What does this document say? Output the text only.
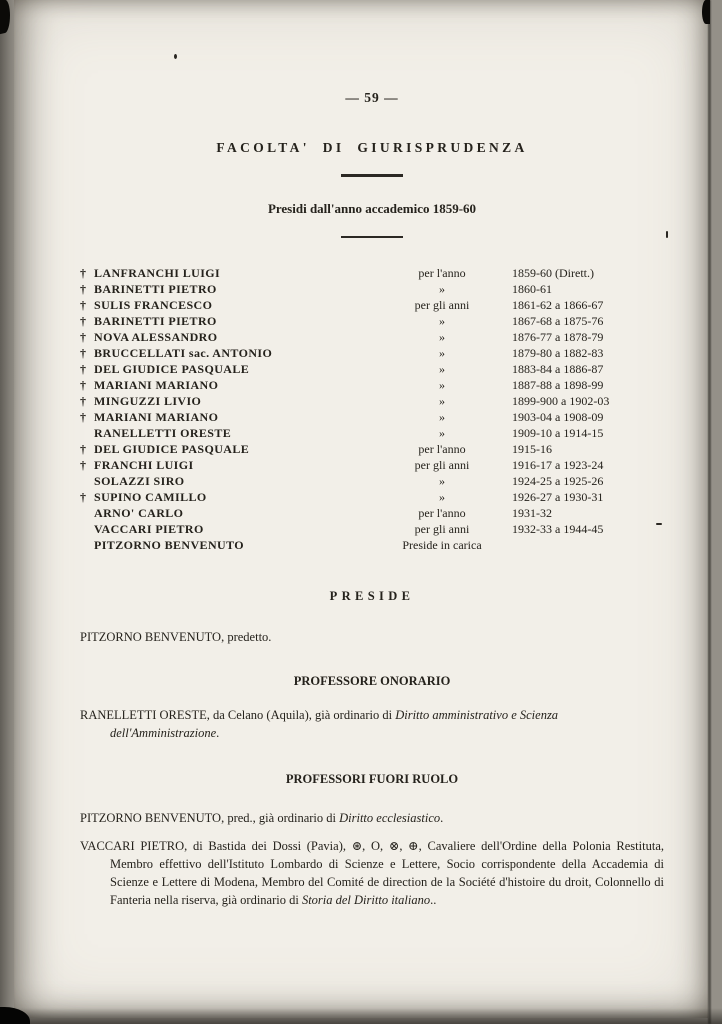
— 59 —
FACOLTA' DI GIURISPRUDENZA
Presidi dall'anno accademico 1859-60
† LANFRANCHI LUIGI	per l'anno	1859-60 (Dirett.)
† BARINETTI PIETRO	»	1860-61
† SULIS FRANCESCO	per gli anni	1861-62 a 1866-67
† BARINETTI PIETRO	»	1867-68 a 1875-76
† NOVA ALESSANDRO	»	1876-77 a 1878-79
† BRUCCELLATI sac. ANTONIO	»	1879-80 a 1882-83
† DEL GIUDICE PASQUALE	»	1883-84 a 1886-87
† MARIANI MARIANO	»	1887-88 a 1898-99
† MINGUZZI LIVIO	»	1899-900 a 1902-03
† MARIANI MARIANO	»	1903-04 a 1908-09
RANELLETTI ORESTE	»	1909-10 a 1914-15
† DEL GIUDICE PASQUALE	per l'anno	1915-16
† FRANCHI LUIGI	per gli anni	1916-17 a 1923-24
SOLAZZI SIRO	»	1924-25 a 1925-26
† SUPINO CAMILLO	»	1926-27 a 1930-31
ARNO' CARLO	per l'anno	1931-32
VACCARI PIETRO	per gli anni	1932-33 a 1944-45
PITZORNO BENVENUTO	Preside in carica
PRESIDE

PITZORNO BENVENUTO, predetto.

PROFESSORE ONORARIO

RANELLETTI ORESTE, da Celano (Aquila), già ordinario di Diritto amministrativo e Scienza dell'Amministrazione.

PROFESSORI FUORI RUOLO

PITZORNO BENVENUTO, pred., già ordinario di Diritto ecclesiastico.

VACCARI PIETRO, di Bastida dei Dossi (Pavia), ⊛, O, ⊗, ⊕, Cavaliere dell'Ordine della Polonia Restituta, Membro effettivo dell'Istituto Lombardo di Scienze e Lettere, Socio corrispondente della Accademia di Scienze e Lettere di Modena, Membro del Comité de direction de la Société d'histoire du droit, Colonnello di Fanteria nella riserva, già ordinario di Storia del Diritto italiano..
